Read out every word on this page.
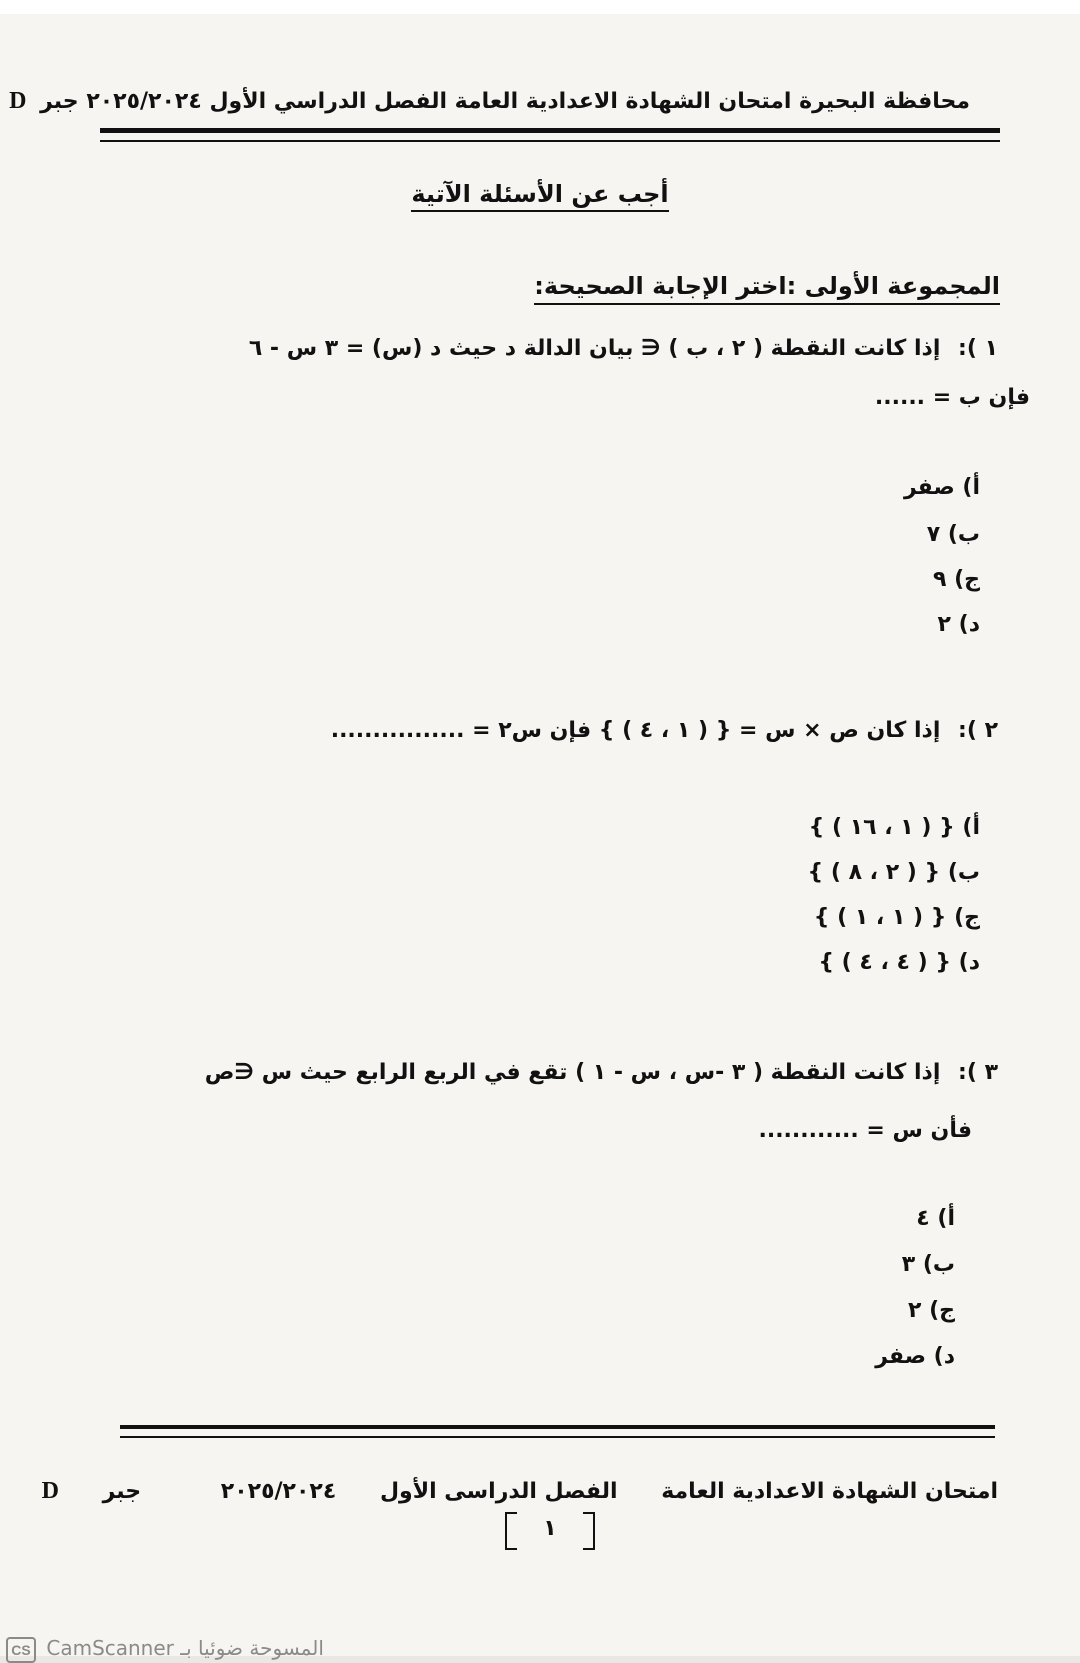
محافظة البحيرة امتحان الشهادة الاعدادية العامة الفصل الدراسي الأول ٢٠٢٥/٢٠٢٤ جبر D
أجب عن الأسئلة الآتية
المجموعة الأولى :اختر الإجابة الصحيحة:
١ ): إذا كانت النقطة ( ٢ ، ب ) ∈ بيان الدالة د حيث د (س) = ٣ س - ٦
فإن ب = ......
أ) صفر
ب) ٧
ج) ٩
د) ٢
٢ ): إذا كان ص × س = { ( ١ ، ٤ ) } فإن س٢ = ................
أ) { ( ١ ، ١٦ ) }
ب) { ( ٢ ، ٨ ) }
ج) { ( ١ ، ١ ) }
د) { ( ٤ ، ٤ ) }
٣ ): إذا كانت النقطة ( ٣ -س ، س - ١ ) تقع في الربع الرابع حيث س ∈ص
فأن س = ............
أ) ٤
ب) ٣
ج) ٢
د) صفر
امتحان الشهادة الاعدادية العامة الفصل الدراسى الأول ٢٠٢٥/٢٠٢٤ جبر D
١
CS CamScanner المسوحة ضوئيا بـ
